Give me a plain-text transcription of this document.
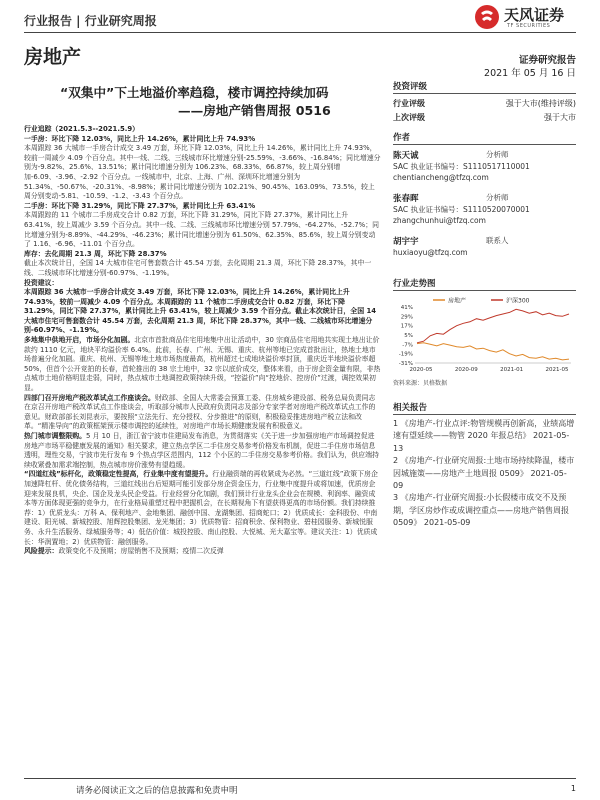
行业报告 | 行业研究周报	天风证券
TF SECURITIES
房地产	证券研究报告
2021 年 05 月 16 日
“双集中”下土地溢价率趋稳，楼市调控持续加码
——房地产销售周报 0516
投资评级
行业评级	强于大市(维持评级)
上次评级	强于大市
作者
陈天诚	分析师
SAC 执业证书编号：S1110517110001
chentiancheng@tfzq.com
张春晖	分析师
SAC 执业证书编号：S1110520070001
zhangchunhui@tfzq.com
胡宇宇	联系人
huxiaoyu@tfzq.com
行业走势图
房地产	沪深300
41%
29%
17%
5%
-7%
-19%
-31%
2020-05	2020-09	2021-01	2021-05
资料来源：贝格数据
相关报告

1 《房地产-行业点评:物管规模再创新高，业绩高增速有望延续——物管 2020 年报总结》 2021-05-13

2 《房地产-行业研究周报:土地市场持续降温，楼市因城施策——房地产土地周报 0509》 2021-05-09

3 《房地产-行业研究周报:小长假楼市成交不及预期，学区房炒作或成调控重点——房地产销售周报 0509》 2021-05-09

行业追踪（2021.5.3--2021.5.9）

一手房：环比下降 12.03%，同比上升 14.26%，累计同比上升 74.93%

本周跟踪 36 大城市一手房合计成交 3.49 万套，环比下降 12.03%，同比上升 14.26%，累计同比上升 74.93%，较前一周减少 4.09 个百分点。其中一线、二线、三线城市环比增速分别-25.59%、-3.66%、-16.84%；同比增速分别为-9.82%、25.6%、13.51%；累计同比增速分别为 106.23%、68.33%、66.87%，较上周分别增加-6.09、-3.96、-2.92 个百分点。一线城市中，北京、上海、广州、深圳环比增速分别为 51.34%、-50.67%、-20.31%、-8.98%；累计同比增速分别为 102.21%、90.45%、163.09%、73.5%，较上周分别变动-5.81、-10.59、-1.2、-3.43 个百分点。

二手房：环比下降 31.29%，同比下降 27.37%，累计同比上升 63.41%

本周跟踪的 11 个城市二手房成交合计 0.82 万套，环比下降 31.29%，同比下降 27.37%，累计同比上升 63.41%，较上周减少 3.59 个百分点。其中一线、二线、三线城市环比增速分别 57.79%、-64.27%、-52.7%；同比增速分别为-8.89%、-44.29%、-46.23%；累计同比增速分别为 61.50%、62.35%、85.6%，较上周分别变动了 1.16、-6.96、-11.01 个百分点。

库存：去化周期 21.3 周，环比下降 28.37%

截止本次统计日，全国 14 大城市住宅可售套数合计 45.54 万套，去化周期 21.3 周，环比下降 28.37%，其中一线、二线城市环比增速分别-60.97%、-1.19%。

投资建议：

本周跟踪 36 大城市一手房合计成交 3.49 万套，环比下降 12.03%，同比上升 14.26%，累计同比上升 74.93%，较前一周减少 4.09 个百分点。本周跟踪的 11 个城市二手房成交合计 0.82 万套，环比下降 31.29%，同比下降 27.37%，累计同比上升 63.41%，较上周减少 3.59 个百分点。截止本次统计日，全国 14 大城市住宅可售套数合计 45.54 万套，去化周期 21.3 周，环比下降 28.37%，其中一线、二线城市环比增速分别-60.97%、-1.19%。

多地集中供地开启，市场分化加剧。北京市首批商品住宅用地集中出让活动中，30 宗商品住宅用地共实现土地出让价款约 1110 亿元，地块平均溢价率 6.4%。此前，长春、广州、无锡、重庆、杭州等地已完成首批出让，热地土地市场普遍分化加剧。重庆、杭州、无锡等地土地市场热度最高，杭州超过七成地块溢价率封顶，重庆近半地块溢价率超 50%，但首个公开竞拍的长春，首轮推出的 38 宗土地中，32 宗以底价成交，整体来看，由于房企资金量有限，非热点城市土地价格明显走弱，同时，热点城市土地调控政策持续升级，“控溢价”向“控地价、控房价”过渡，调控效果初显。

四部门召开房地产税改革试点工作座谈会。财政部、全国人大常委会预算工委、住房城乡建设部、税务总局负责同志在京召开房地产税改革试点工作座谈会，听取部分城市人民政府负责同志及部分专家学者对房地产税改革试点工作的意见。财政部部长刘昆表示，要按照“立法先行、充分授权、分步推进”的原则，积极稳妥推进房地产税立法和改革。“精准导向”的政策框架预示楼市调控的延续性，对房地产市场长期健康发展有积极意义。

热门城市调整限购。5 月 10 日，浙江省宁波市住建局发布消息，为贯彻落实《关于进一步加强房地产市场调控促进房地产市场平稳健康发展的通知》相关要求，建立热点学区二手住房交易参考价格发布机制，促进二手住房市场信息透明，理性交易，宁波市先行发布 9 个热点学区范围内，112 个小区的二手住房交易参考价格。我们认为，供应端持续收紧叠加需求端控制，热点城市房价涨势有望趋缓。

“四道红线”标杆化，政策稳定性提高，行业集中度有望提升。行业融资端的再收紧成为必然。“三道红线”政策下房企加速降杠杆、优化债务结构，三道红线出台后短期可能引发部分房企资金压力，行业集中度提升或将加速，优质房企迎来发展良机，央企、国企及龙头民企受益。行业经营分化加剧，我们预计行业龙头企业会在规模、利润率、融资成本等方面体现更强的竞争力，在行业格局重塑过程中把握机会，在长期视角下有望获得更高的市场份额。我们持续推荐：1）优质龙头：万科 A、保利地产、金地集团、融创中国、龙湖集团、招商蛇口；2）优质成长：金科股份、中南建设、阳光城、新城控股、旭辉控股集团、龙光集团；3）优质物管：招商积余、保利物业、碧桂园服务、新城悦服务、永升生活服务、绿城服务等；4）低估价值：城投控股、南山控股、大悦城、光大嘉宝等。建议关注：1）优质成长：华润置地；2）优质物管：融创服务。

风险提示：政策变化不及预期；房屋销售不及预期；疫情二次反弹

请务必阅读正文之后的信息披露和免责申明	1
